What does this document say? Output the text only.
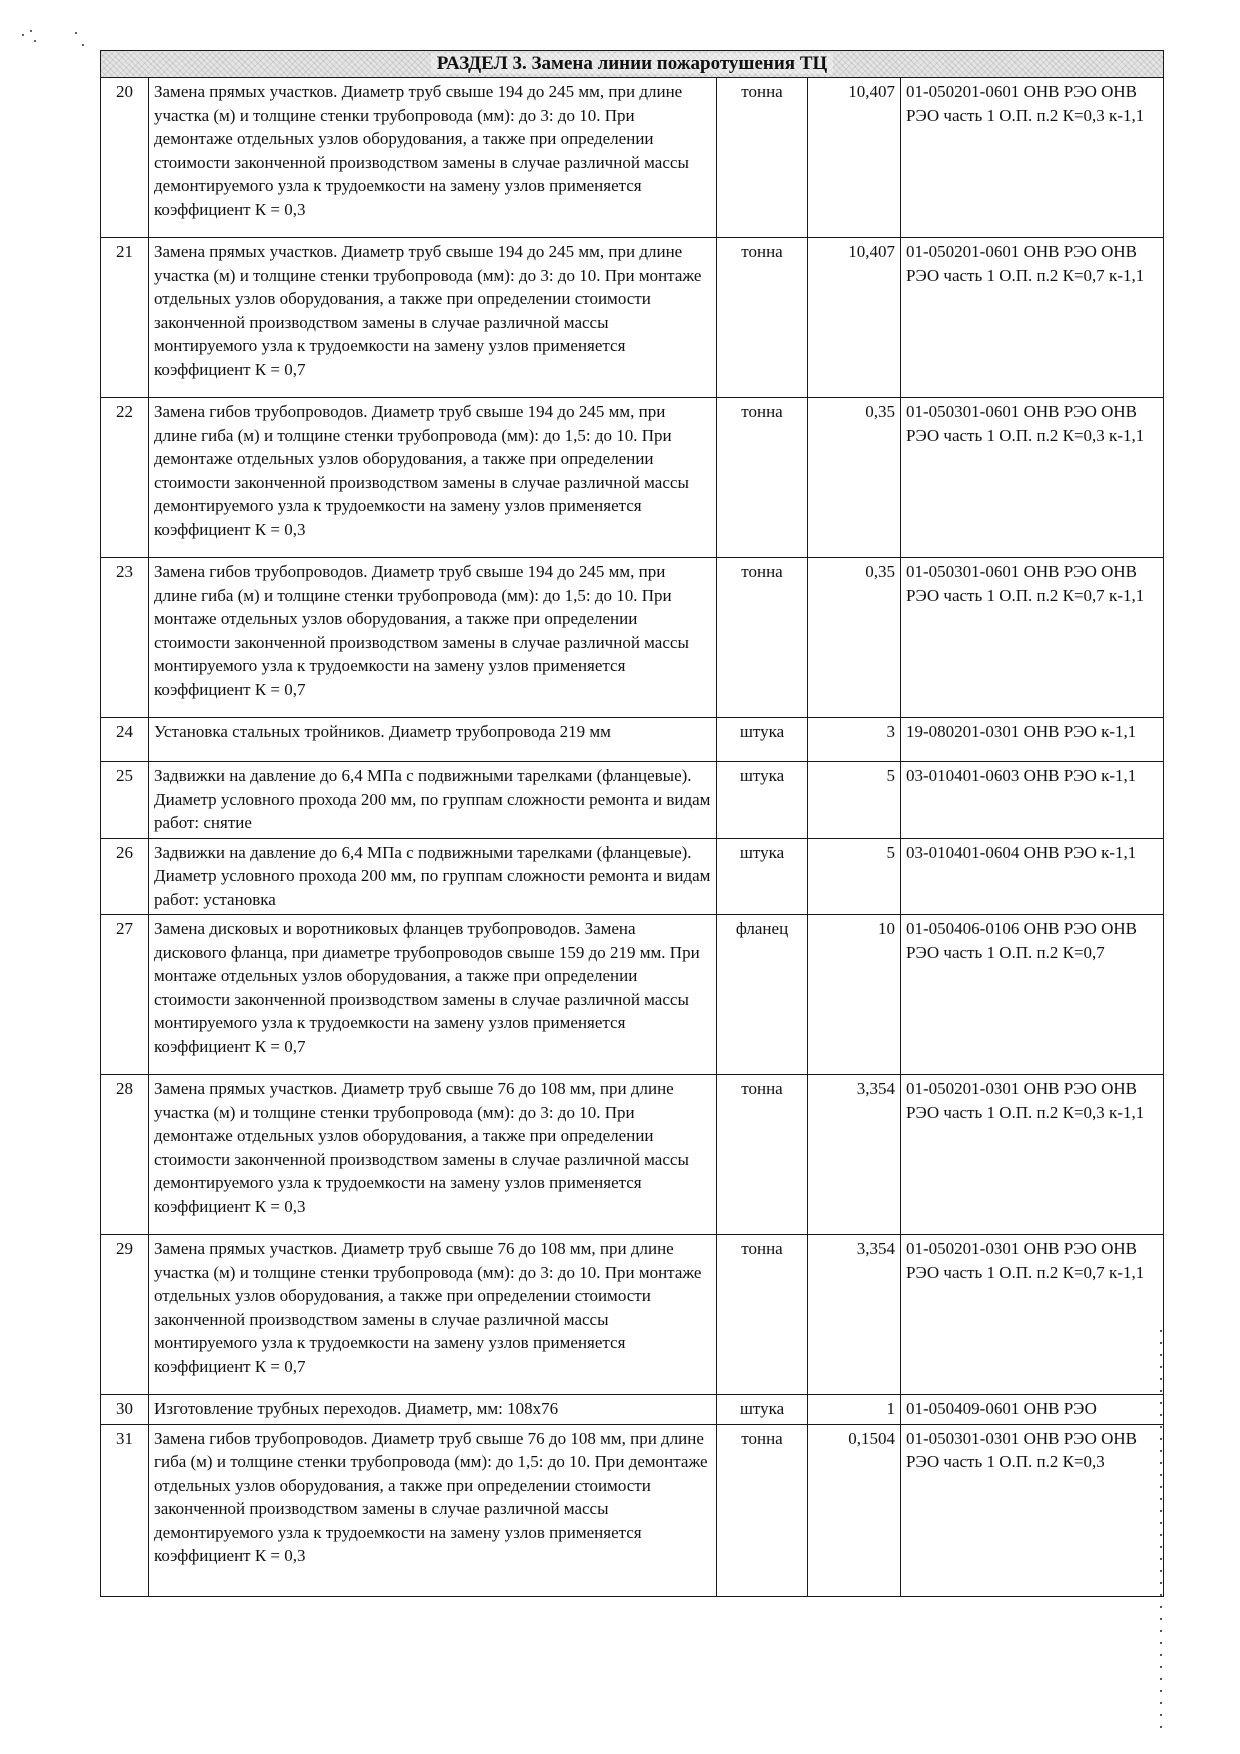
РАЗДЕЛ 3. Замена линии пожаротушения ТЦ				
20	Замена прямых участков. Диаметр труб свыше 194 до 245 мм, при длине участка (м) и толщине стенки трубопровода (мм): до 3: до 10. При демонтаже отдельных узлов оборудования, а также при определении стоимости законченной производством замены в случае различной массы демонтируемого узла к трудоемкости на замену узлов применяется коэффициент К = 0,3	тонна	10,407	01-050201-0601 ОНВ РЭО ОНВ РЭО часть 1 О.П. п.2 К=0,3 к-1,1
21	Замена прямых участков. Диаметр труб свыше 194 до 245 мм, при длине участка (м) и толщине стенки трубопровода (мм): до 3: до 10. При монтаже отдельных узлов оборудования, а также при определении стоимости законченной производством замены в случае различной массы монтируемого узла к трудоемкости на замену узлов применяется коэффициент К = 0,7	тонна	10,407	01-050201-0601 ОНВ РЭО ОНВ РЭО часть 1 О.П. п.2 К=0,7 к-1,1
22	Замена гибов трубопроводов. Диаметр труб свыше 194 до 245 мм, при длине гиба (м) и толщине стенки трубопровода (мм): до 1,5: до 10. При демонтаже отдельных узлов оборудования, а также при определении стоимости законченной производством замены в случае различной массы демонтируемого узла к трудоемкости на замену узлов применяется коэффициент К = 0,3	тонна	0,35	01-050301-0601 ОНВ РЭО ОНВ РЭО часть 1 О.П. п.2 К=0,3 к-1,1
23	Замена гибов трубопроводов. Диаметр труб свыше 194 до 245 мм, при длине гиба (м) и толщине стенки трубопровода (мм): до 1,5: до 10. При монтаже отдельных узлов оборудования, а также при определении стоимости законченной производством замены в случае различной массы монтируемого узла к трудоемкости на замену узлов применяется коэффициент К = 0,7	тонна	0,35	01-050301-0601 ОНВ РЭО ОНВ РЭО часть 1 О.П. п.2 К=0,7 к-1,1
24	Установка стальных тройников. Диаметр трубопровода 219 мм	штука	3	19-080201-0301 ОНВ РЭО к-1,1
25	Задвижки на давление до 6,4 МПа с подвижными тарелками (фланцевые). Диаметр условного прохода 200 мм, по группам сложности ремонта и видам работ: снятие	штука	5	03-010401-0603 ОНВ РЭО к-1,1
26	Задвижки на давление до 6,4 МПа с подвижными тарелками (фланцевые). Диаметр условного прохода 200 мм, по группам сложности ремонта и видам работ: установка	штука	5	03-010401-0604 ОНВ РЭО к-1,1
27	Замена дисковых и воротниковых фланцев трубопроводов. Замена дискового фланца, при диаметре трубопроводов свыше 159 до 219 мм. При монтаже отдельных узлов оборудования, а также при определении стоимости законченной производством замены в случае различной массы монтируемого узла к трудоемкости на замену узлов применяется коэффициент К = 0,7	фланец	10	01-050406-0106 ОНВ РЭО ОНВ РЭО часть 1 О.П. п.2 К=0,7
28	Замена прямых участков. Диаметр труб свыше 76 до 108 мм, при длине участка (м) и толщине стенки трубопровода (мм): до 3: до 10. При демонтаже отдельных узлов оборудования, а также при определении стоимости законченной производством замены в случае различной массы демонтируемого узла к трудоемкости на замену узлов применяется коэффициент К = 0,3	тонна	3,354	01-050201-0301 ОНВ РЭО ОНВ РЭО часть 1 О.П. п.2 К=0,3 к-1,1
29	Замена прямых участков. Диаметр труб свыше 76 до 108 мм, при длине участка (м) и толщине стенки трубопровода (мм): до 3: до 10. При монтаже отдельных узлов оборудования, а также при определении стоимости законченной производством замены в случае различной массы монтируемого узла к трудоемкости на замену узлов применяется коэффициент К = 0,7	тонна	3,354	01-050201-0301 ОНВ РЭО ОНВ РЭО часть 1 О.П. п.2 К=0,7 к-1,1
30	Изготовление трубных переходов. Диаметр, мм: 108х76	штука	1	01-050409-0601 ОНВ РЭО
31	Замена гибов трубопроводов. Диаметр труб свыше 76 до 108 мм, при длине гиба (м) и толщине стенки трубопровода (мм): до 1,5: до 10. При демонтаже отдельных узлов оборудования, а также при определении стоимости законченной производством замены в случае различной массы демонтируемого узла к трудоемкости на замену узлов применяется коэффициент К = 0,3	тонна	0,1504	01-050301-0301 ОНВ РЭО ОНВ РЭО часть 1 О.П. п.2 К=0,3
